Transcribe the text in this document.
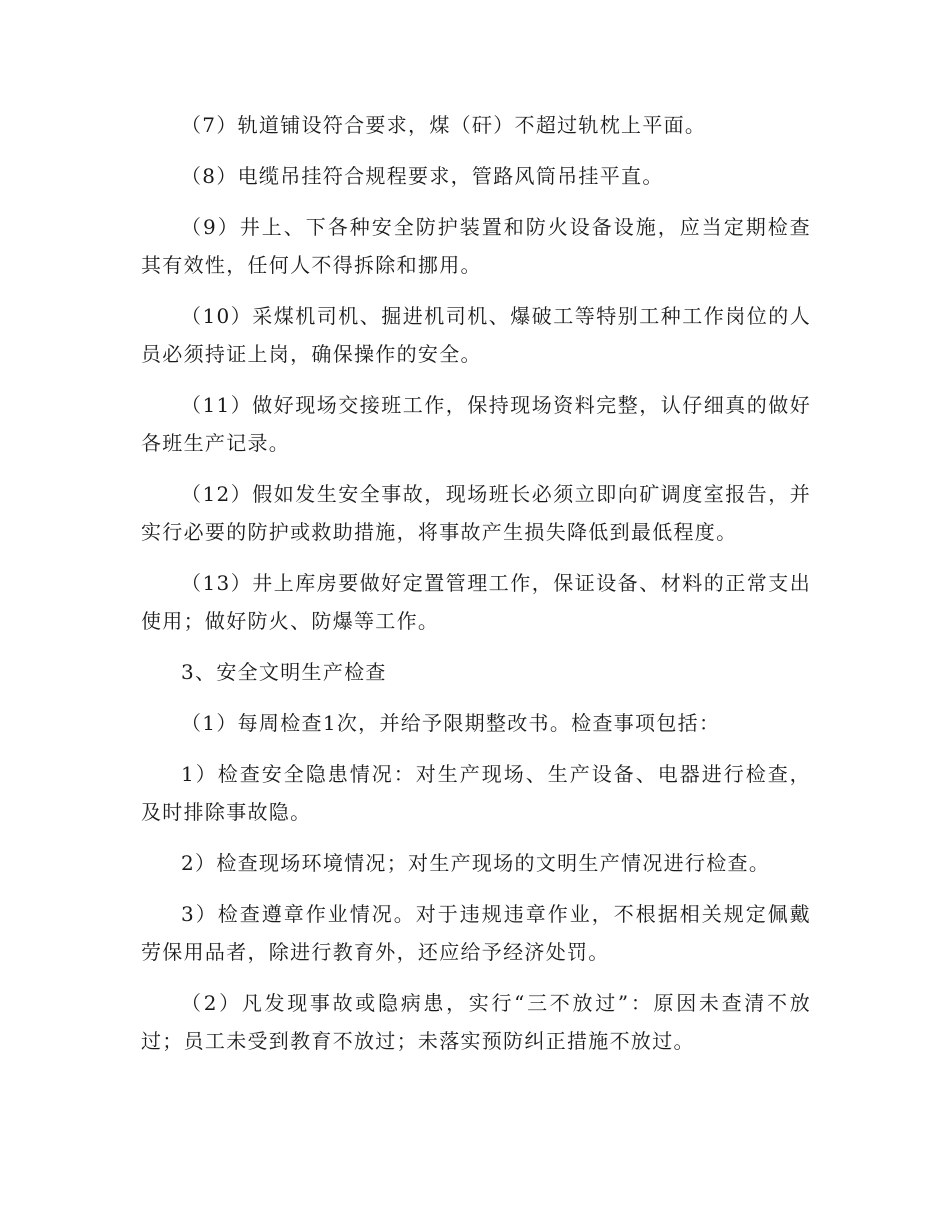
（7）轨道铺设符合要求，煤（矸）不超过轨枕上平面。

（8）电缆吊挂符合规程要求，管路风筒吊挂平直。

（9）井上、下各种安全防护装置和防火设备设施，应当定期检查其有效性，任何人不得拆除和挪用。

（10）采煤机司机、掘进机司机、爆破工等特别工种工作岗位的人员必须持证上岗，确保操作的安全。

（11）做好现场交接班工作，保持现场资料完整，认仔细真的做好各班生产记录。

（12）假如发生安全事故，现场班长必须立即向矿调度室报告，并实行必要的防护或救助措施，将事故产生损失降低到最低程度。

（13）井上库房要做好定置管理工作，保证设备、材料的正常支出使用；做好防火、防爆等工作。

3、安全文明生产检查

（1）每周检查1次，并给予限期整改书。检查事项包括：

1）检查安全隐患情况：对生产现场、生产设备、电器进行检查，及时排除事故隐。

2）检查现场环境情况；对生产现场的文明生产情况进行检查。

3）检查遵章作业情况。对于违规违章作业，不根据相关规定佩戴劳保用品者，除进行教育外，还应给予经济处罚。

（2）凡发现事故或隐病患，实行“三不放过”：原因未查清不放过；员工未受到教育不放过；未落实预防纠正措施不放过。
